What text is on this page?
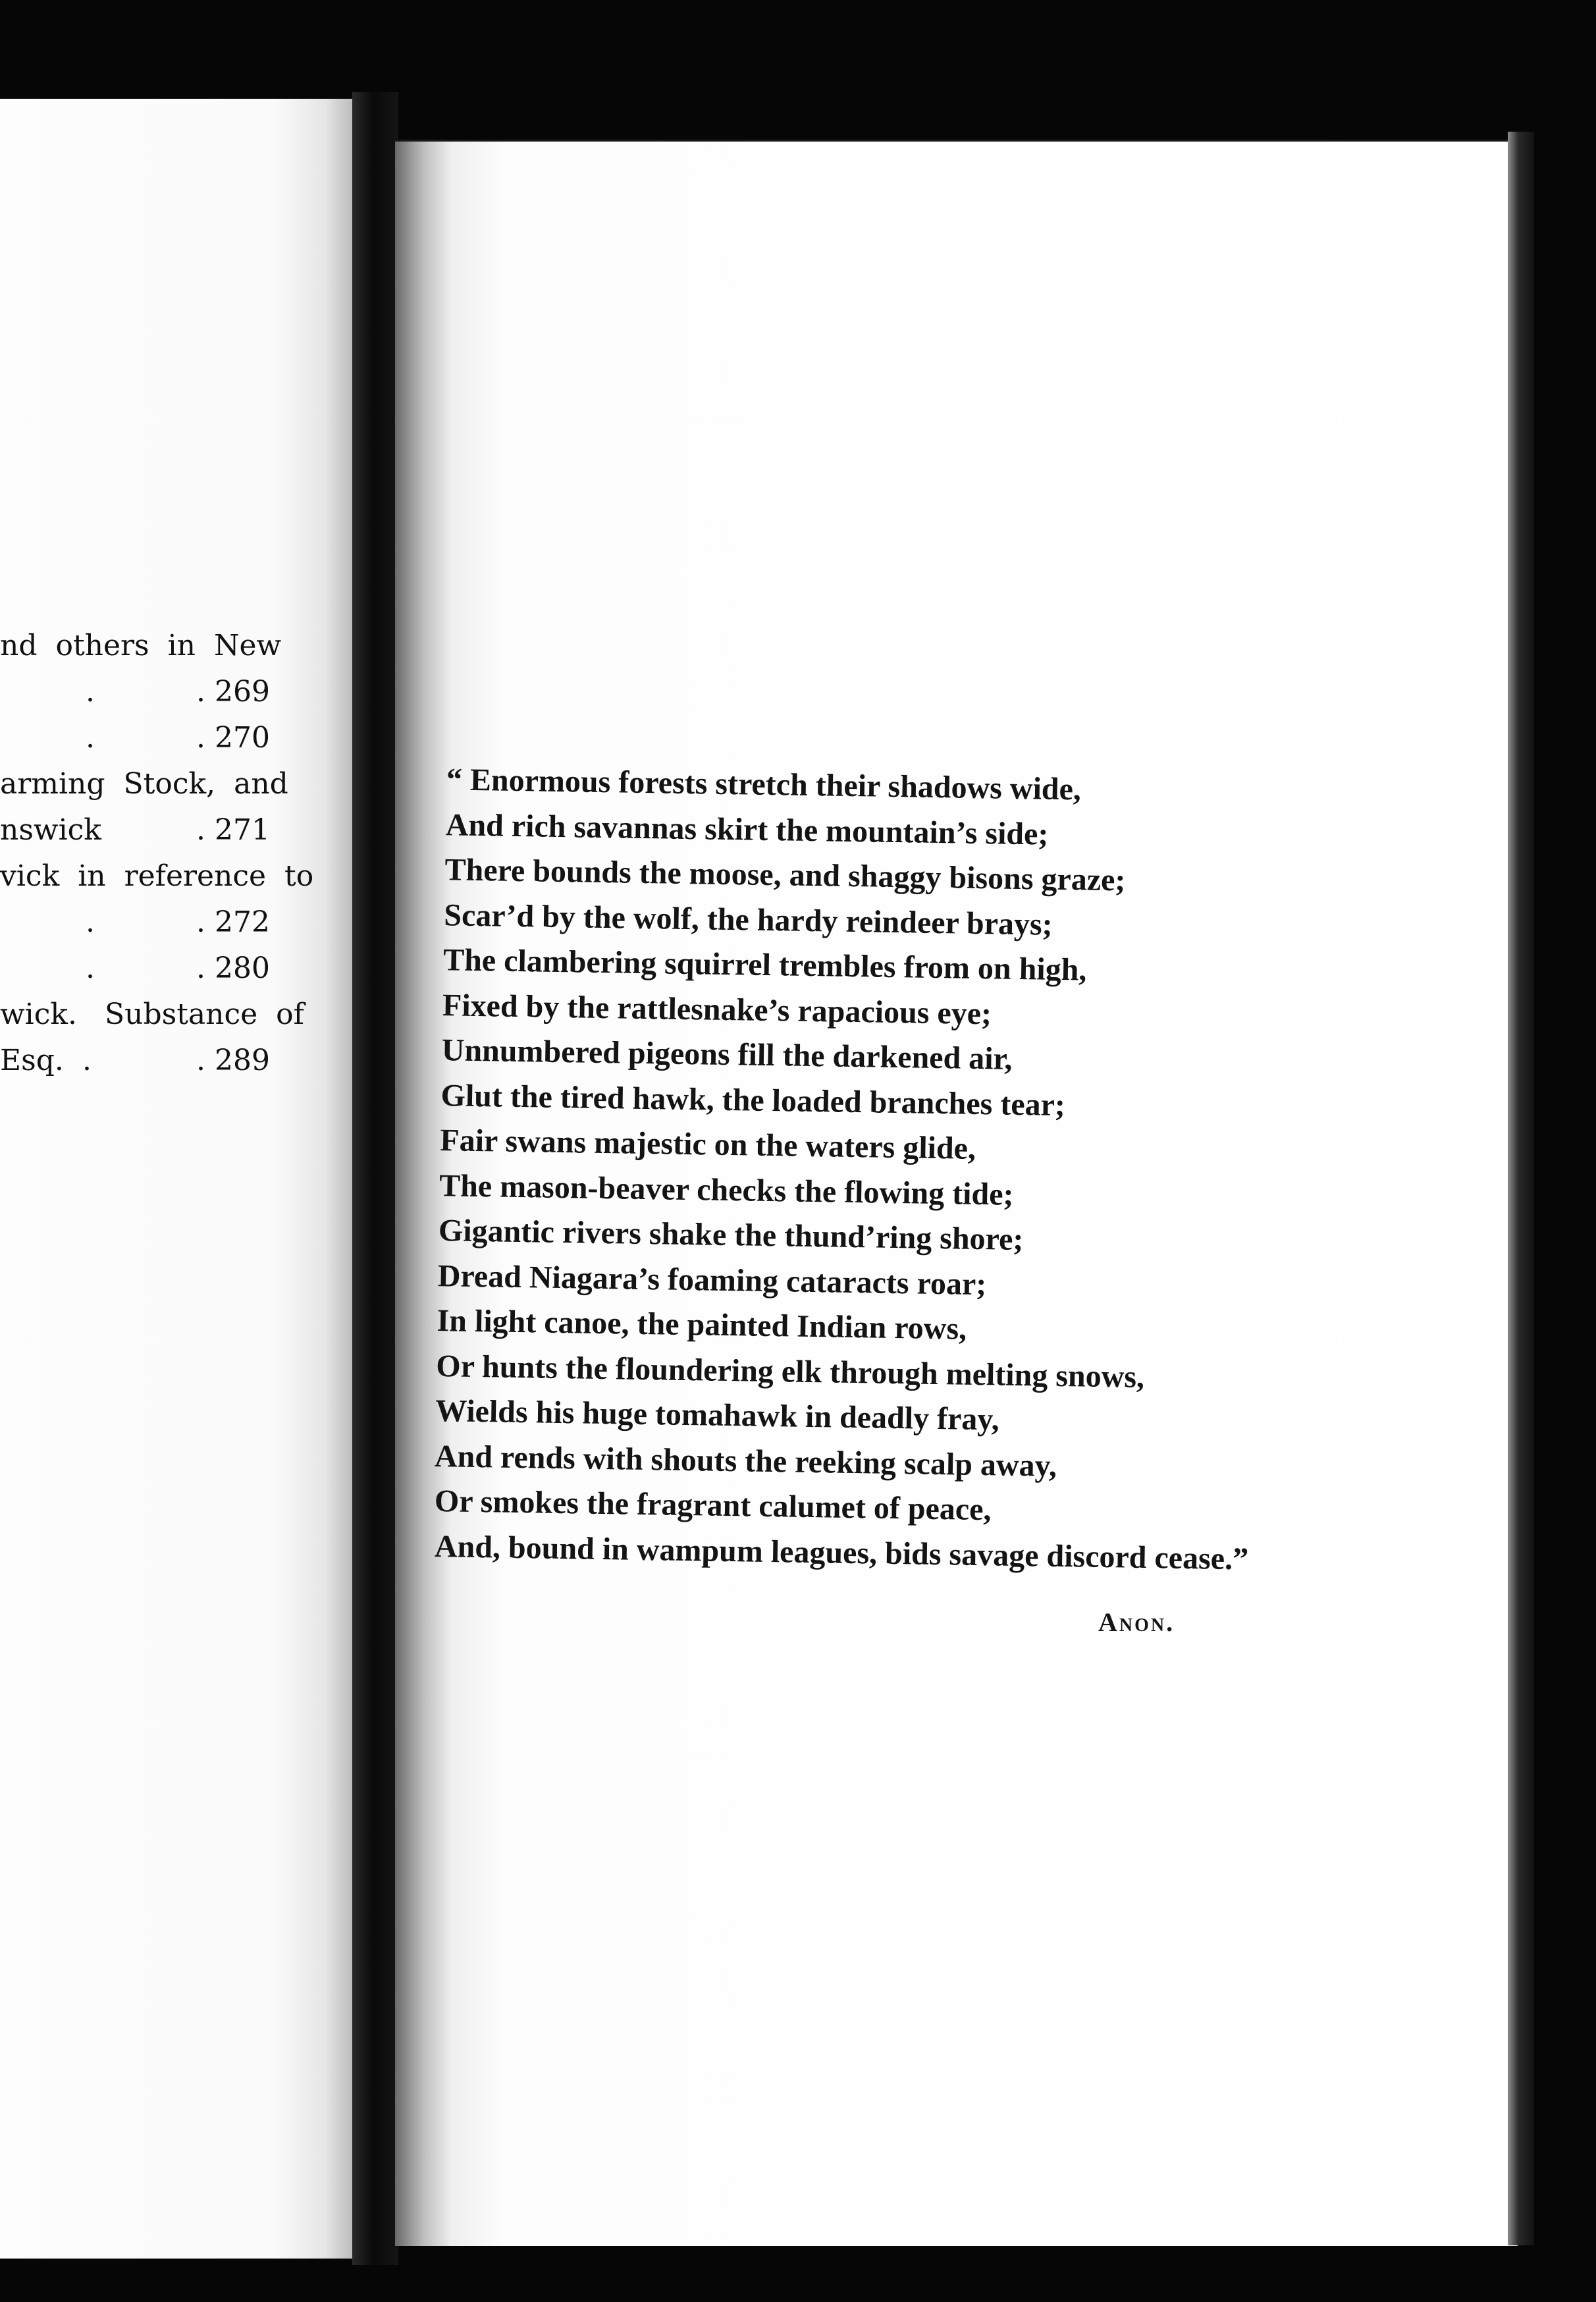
nd  others  in  New
.	. 269
.	. 270
arming  Stock,  and
nswick	. 271
vick  in  reference  to
.	. 272
.	. 280
wick.   Substance  of
Esq. .	. 289
“ Enormous forests stretch their shadows wide,
And rich savannas skirt the mountain’s side;
There bounds the moose, and shaggy bisons graze;
Scar’d by the wolf, the hardy reindeer brays;
The clambering squirrel trembles from on high,
Fixed by the rattlesnake’s rapacious eye;
Unnumbered pigeons fill the darkened air,
Glut the tired hawk, the loaded branches tear;
Fair swans majestic on the waters glide,
The mason-beaver checks the flowing tide;
Gigantic rivers shake the thund’ring shore;
Dread Niagara’s foaming cataracts roar;
In light canoe, the painted Indian rows,
Or hunts the floundering elk through melting snows,
Wields his huge tomahawk in deadly fray,
And rends with shouts the reeking scalp away,
Or smokes the fragrant calumet of peace,
And, bound in wampum leagues, bids savage discord cease.”
Anon.
